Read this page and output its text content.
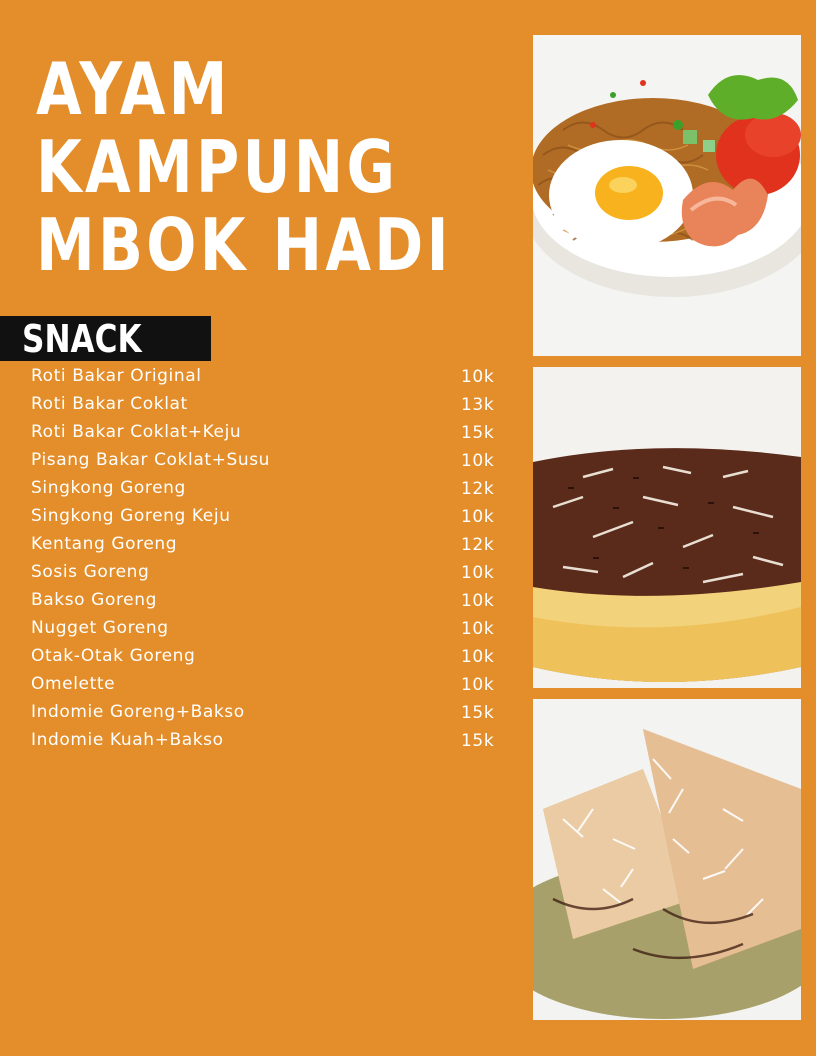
AYAM
KAMPUNG
MBOK HADI
SNACK
Roti Bakar Original	10k
Roti Bakar Coklat	13k
Roti Bakar Coklat+Keju	15k
Pisang Bakar Coklat+Susu	10k
Singkong Goreng	12k
Singkong Goreng Keju	10k
Kentang Goreng	12k
Sosis Goreng	10k
Bakso Goreng	10k
Nugget Goreng	10k
Otak-Otak Goreng	10k
Omelette	10k
Indomie Goreng+Bakso	15k
Indomie Kuah+Bakso	15k
